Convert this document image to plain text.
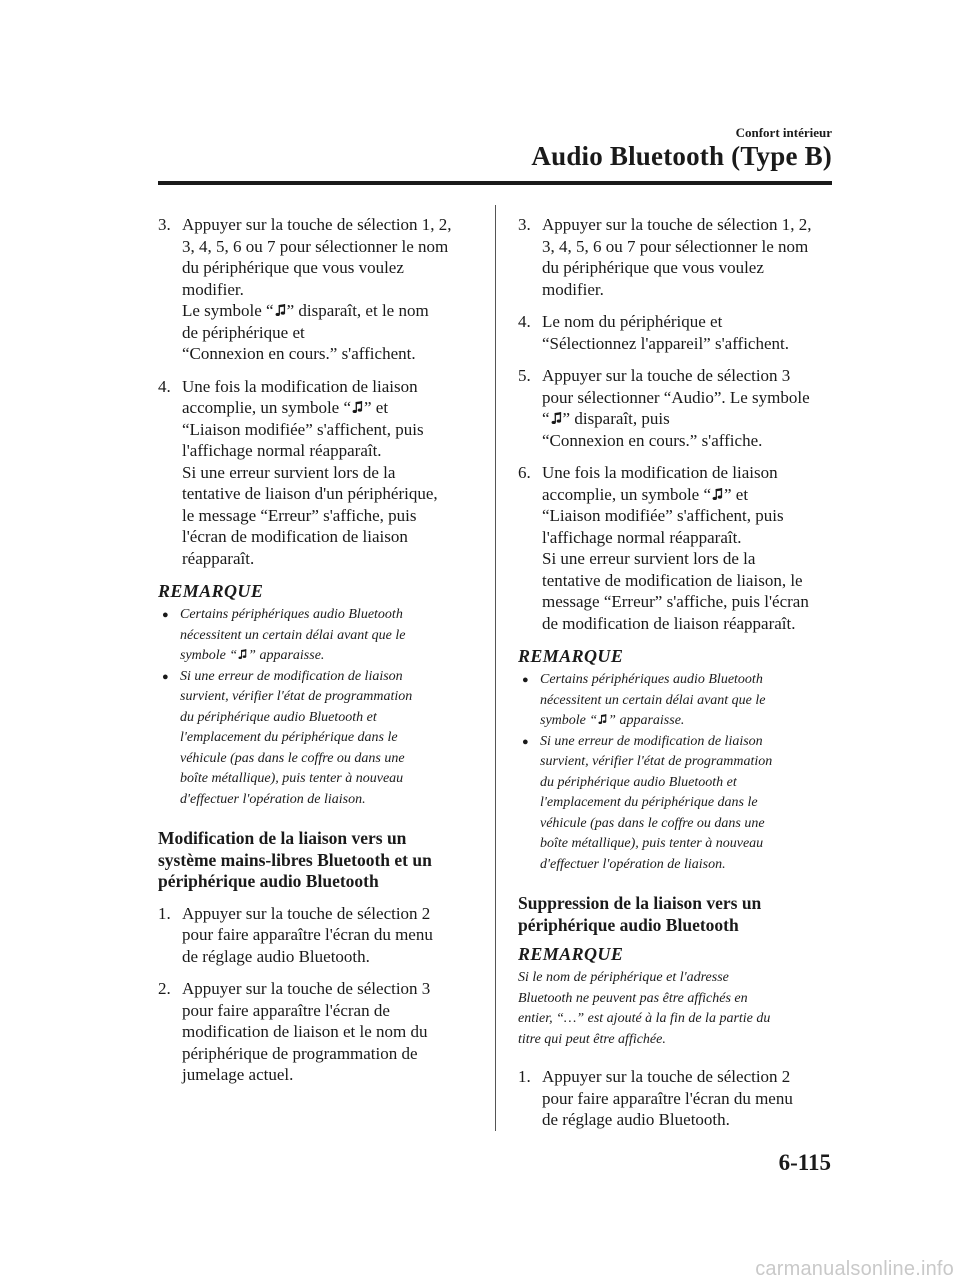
Confort intérieur
Audio Bluetooth (Type B)
3. Appuyer sur la touche de sélection 1, 2,
3, 4, 5, 6 ou 7 pour sélectionner le nom
du périphérique que vous voulez
modifier.
Le symbole “ ” disparaît, et le nom
de périphérique et
“Connexion en cours.” s'affichent.
4. Une fois la modification de liaison
accomplie, un symbole “ ” et
“Liaison modifiée” s'affichent, puis
l'affichage normal réapparaît.
Si une erreur survient lors de la
tentative de liaison d'un périphérique,
le message “Erreur” s'affiche, puis
l'écran de modification de liaison
réapparaît.
REMARQUE
● Certains périphériques audio Bluetooth
nécessitent un certain délai avant que le
symbole “ ” apparaisse.
● Si une erreur de modification de liaison
survient, vérifier l'état de programmation
du périphérique audio Bluetooth et
l'emplacement du périphérique dans le
véhicule (pas dans le coffre ou dans une
boîte métallique), puis tenter à nouveau
d'effectuer l'opération de liaison.
Modification de la liaison vers un
système mains-libres Bluetooth et un
périphérique audio Bluetooth
1. Appuyer sur la touche de sélection 2
pour faire apparaître l'écran du menu
de réglage audio Bluetooth.
2. Appuyer sur la touche de sélection 3
pour faire apparaître l'écran de
modification de liaison et le nom du
périphérique de programmation de
jumelage actuel.
3. Appuyer sur la touche de sélection 1, 2,
3, 4, 5, 6 ou 7 pour sélectionner le nom
du périphérique que vous voulez
modifier.
4. Le nom du périphérique et
“Sélectionnez l'appareil” s'affichent.
5. Appuyer sur la touche de sélection 3
pour sélectionner “Audio”. Le symbole
“ ” disparaît, puis
“Connexion en cours.” s'affiche.
6. Une fois la modification de liaison
accomplie, un symbole “ ” et
“Liaison modifiée” s'affichent, puis
l'affichage normal réapparaît.
Si une erreur survient lors de la
tentative de modification de liaison, le
message “Erreur” s'affiche, puis l'écran
de modification de liaison réapparaît.
REMARQUE
● Certains périphériques audio Bluetooth
nécessitent un certain délai avant que le
symbole “ ” apparaisse.
● Si une erreur de modification de liaison
survient, vérifier l'état de programmation
du périphérique audio Bluetooth et
l'emplacement du périphérique dans le
véhicule (pas dans le coffre ou dans une
boîte métallique), puis tenter à nouveau
d'effectuer l'opération de liaison.
Suppression de la liaison vers un
périphérique audio Bluetooth
REMARQUE
Si le nom de périphérique et l'adresse
Bluetooth ne peuvent pas être affichés en
entier, “…” est ajouté à la fin de la partie du
titre qui peut être affichée.
1. Appuyer sur la touche de sélection 2
pour faire apparaître l'écran du menu
de réglage audio Bluetooth.
6-115
carmanualsonline.info
